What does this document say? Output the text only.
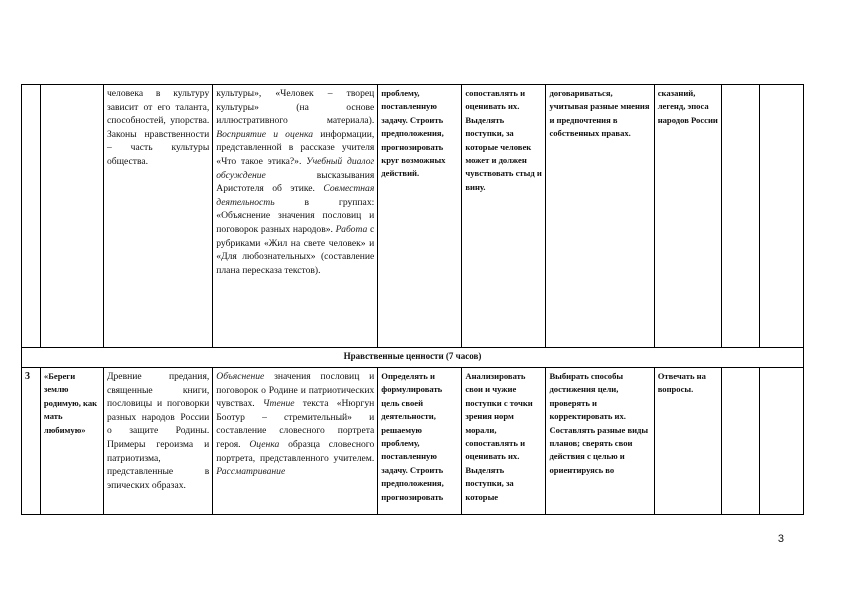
		человека в культуру зависит от его таланта, способностей, упорства. Законы нравственности – часть культуры общества.	культуры», «Человек – творец культуры» (на основе иллюстративного материала). Восприятие и оценка информации, представленной в рассказе учителя «Что такое этика?». Учебный диалог обсуждение высказывания Аристотеля об этике. Совместная деятельность в группах: «Объяснение значения пословиц и поговорок разных народов». Работа с рубриками «Жил на свете человек» и «Для любознательных» (составление плана пересказа текстов).	проблему, поставленную задачу. Строить предположения, прогнозировать круг возможных действий.	сопоставлять и оценивать их. Выделять поступки, за которые человек может и должен чувствовать стыд и вину.	договариваться, учитывая разные мнения и предпочтения в собственных правах.	сказаний, легенд, эпоса народов России		
Нравственные ценности (7 часов)									
3	«Береги землю родимую, как мать любимую»	Древние предания, священные книги, пословицы и поговорки разных народов России о защите Родины. Примеры героизма и патриотизма, представленные в эпических образах.	Объяснение значения пословиц и поговорок о Родине и патриотических чувствах. Чтение текста «Нюргун Боотур – стремительный» и составление словесного портрета героя. Оценка образца словесного портрета, представленного учителем. Рассматривание	Определять и формулировать цель своей деятельности, решаемую проблему, поставленную задачу. Строить предположения, прогнозировать	Анализировать свои и чужие поступки с точки зрения норм морали, сопоставлять и оценивать их. Выделять поступки, за которые	Выбирать способы достижения цели, проверять и корректировать их. Составлять разные виды планов; сверять свои действия с целью и ориентируясь во	Отвечать на вопросы.		
3
